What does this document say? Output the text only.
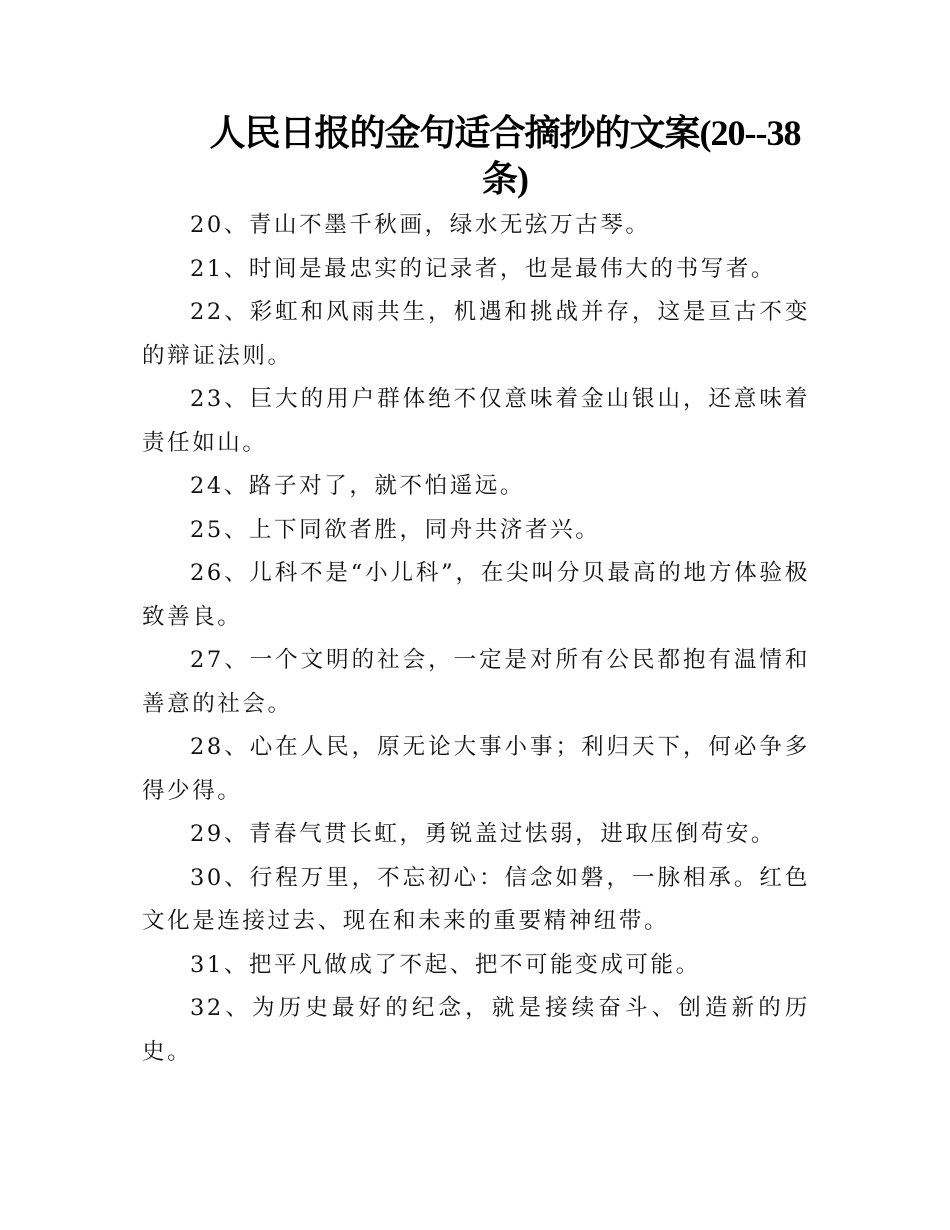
人民日报的金句适合摘抄的文案(20--38条)

20、青山不墨千秋画，绿水无弦万古琴。

21、时间是最忠实的记录者，也是最伟大的书写者。

22、彩虹和风雨共生，机遇和挑战并存，这是亘古不变的辩证法则。

23、巨大的用户群体绝不仅意味着金山银山，还意味着责任如山。

24、路子对了，就不怕遥远。

25、上下同欲者胜，同舟共济者兴。

26、儿科不是“小儿科”，在尖叫分贝最高的地方体验极致善良。

27、一个文明的社会，一定是对所有公民都抱有温情和善意的社会。

28、心在人民，原无论大事小事；利归天下，何必争多得少得。

29、青春气贯长虹，勇锐盖过怯弱，进取压倒苟安。

30、行程万里，不忘初心：信念如磐，一脉相承。红色文化是连接过去、现在和未来的重要精神纽带。

31、把平凡做成了不起、把不可能变成可能。

32、为历史最好的纪念，就是接续奋斗、创造新的历史。
